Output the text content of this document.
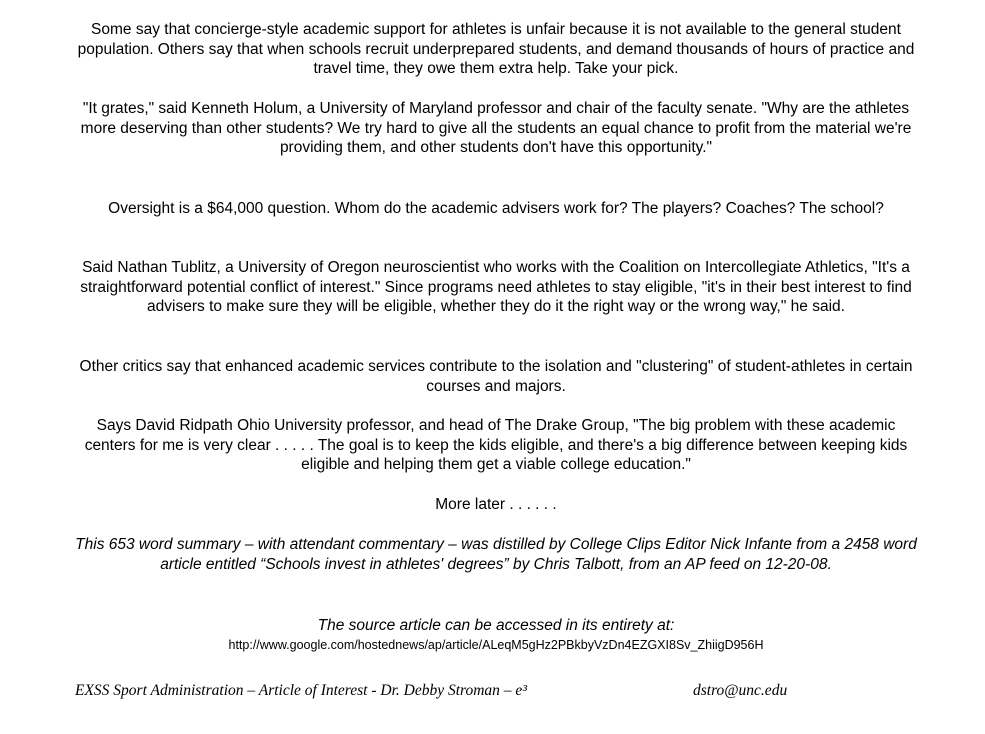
Some say that concierge-style academic support for athletes is unfair because it is not available to the general student population. Others say that when schools recruit underprepared students, and demand thousands of hours of practice and travel time, they owe them extra help. Take your pick.

"It grates," said Kenneth Holum, a University of Maryland professor and chair of the faculty senate. "Why are the athletes more deserving than other students? We try hard to give all the students an equal chance to profit from the material we're providing them, and other students don't have this opportunity."

Oversight is a $64,000 question. Whom do the academic advisers work for? The players? Coaches? The school?

Said Nathan Tublitz, a University of Oregon neuroscientist who works with the Coalition on Intercollegiate Athletics, "It's a straightforward potential conflict of interest." Since programs need athletes to stay eligible, "it's in their best interest to find advisers to make sure they will be eligible, whether they do it the right way or the wrong way," he said.

Other critics say that enhanced academic services contribute to the isolation and "clustering" of student-athletes in certain courses and majors.

Says David Ridpath Ohio University professor, and head of The Drake Group, "The big problem with these academic centers for me is very clear . . . . . The goal is to keep the kids eligible, and there's a big difference between keeping kids eligible and helping them get a viable college education."

More later . . . . . .

This 653 word summary – with attendant commentary – was distilled by College Clips Editor Nick Infante from a 2458 word article entitled “Schools invest in athletes' degrees” by Chris Talbott, from an AP feed on 12-20-08.

The source article can be accessed in its entirety at:
http://www.google.com/hostednews/ap/article/ALeqM5gHz2PBkbyVzDn4EZGXI8Sv_ZhiigD956H
EXSS Sport Administration – Article of Interest - Dr. Debby Stroman – e³	dstro@unc.edu
